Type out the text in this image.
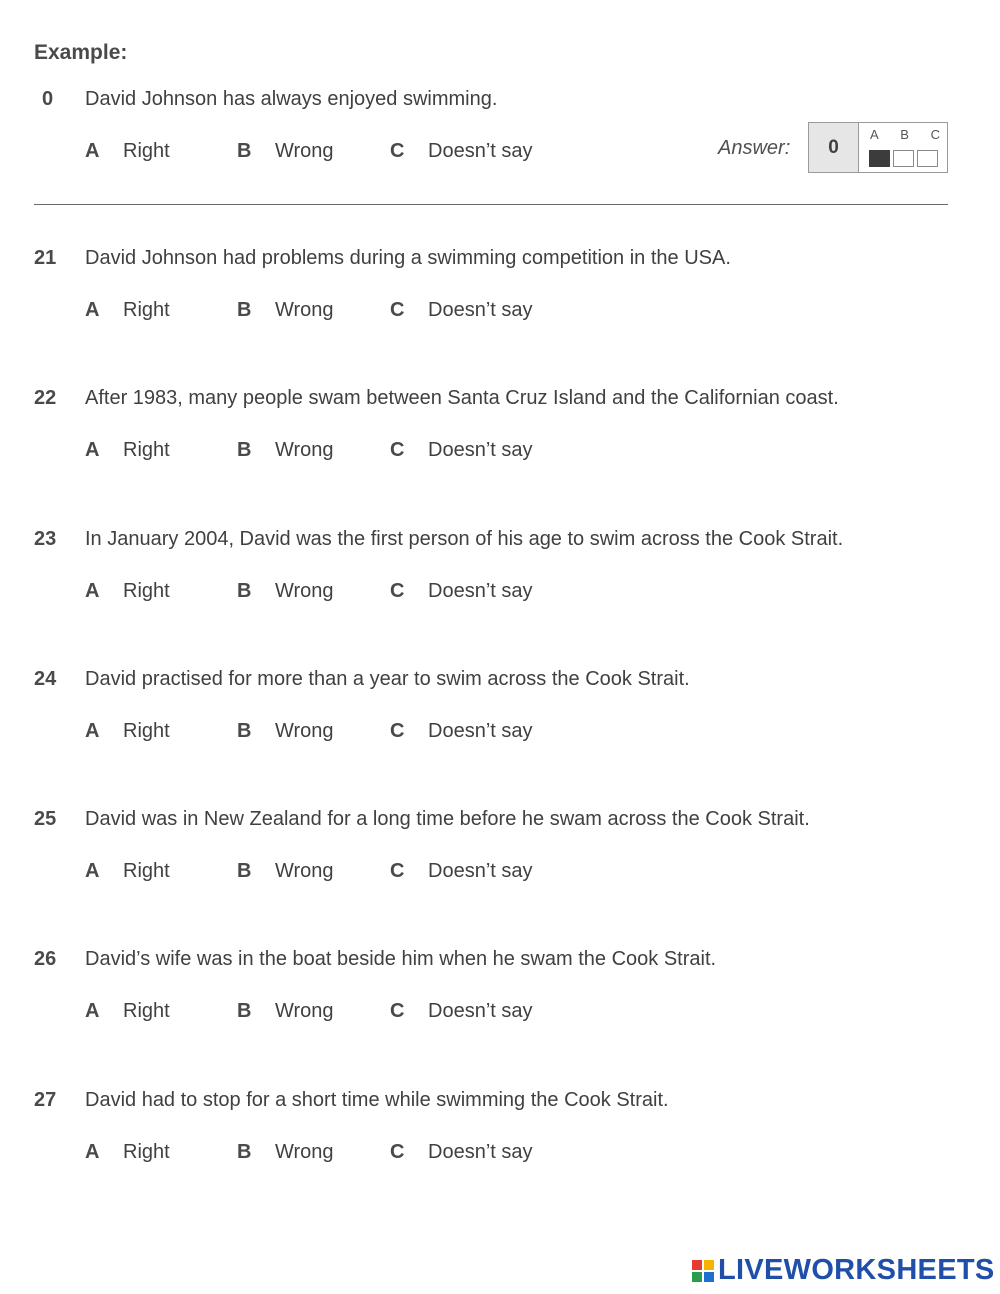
Example:
0	David Johnson has always enjoyed swimming.
A Right	B Wrong	C Doesn’t say	Answer:	0
A B C
21	David Johnson had problems during a swimming competition in the USA.
A Right	B Wrong	C Doesn’t say
22	After 1983, many people swam between Santa Cruz Island and the Californian coast.
A Right	B Wrong	C Doesn’t say
23	In January 2004, David was the first person of his age to swim across the Cook Strait.
A Right	B Wrong	C Doesn’t say
24	David practised for more than a year to swim across the Cook Strait.
A Right	B Wrong	C Doesn’t say
25	David was in New Zealand for a long time before he swam across the Cook Strait.
A Right	B Wrong	C Doesn’t say
26	David’s wife was in the boat beside him when he swam the Cook Strait.
A Right	B Wrong	C Doesn’t say
27	David had to stop for a short time while swimming the Cook Strait.
A Right	B Wrong	C Doesn’t say
LIVEWORKSHEETS
